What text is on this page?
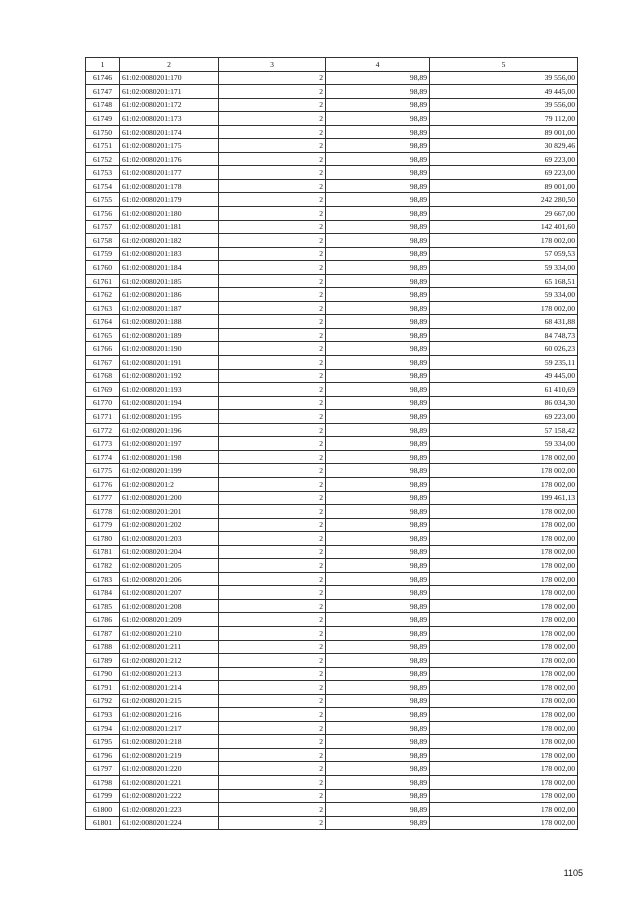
1	2	3	4	5
61746	61:02:0080201:170	2	98,89	39 556,00
61747	61:02:0080201:171	2	98,89	49 445,00
61748	61:02:0080201:172	2	98,89	39 556,00
61749	61:02:0080201:173	2	98,89	79 112,00
61750	61:02:0080201:174	2	98,89	89 001,00
61751	61:02:0080201:175	2	98,89	30 829,46
61752	61:02:0080201:176	2	98,89	69 223,00
61753	61:02:0080201:177	2	98,89	69 223,00
61754	61:02:0080201:178	2	98,89	89 001,00
61755	61:02:0080201:179	2	98,89	242 280,50
61756	61:02:0080201:180	2	98,89	29 667,00
61757	61:02:0080201:181	2	98,89	142 401,60
61758	61:02:0080201:182	2	98,89	178 002,00
61759	61:02:0080201:183	2	98,89	57 059,53
61760	61:02:0080201:184	2	98,89	59 334,00
61761	61:02:0080201:185	2	98,89	65 168,51
61762	61:02:0080201:186	2	98,89	59 334,00
61763	61:02:0080201:187	2	98,89	178 002,00
61764	61:02:0080201:188	2	98,89	68 431,88
61765	61:02:0080201:189	2	98,89	84 748,73
61766	61:02:0080201:190	2	98,89	60 026,23
61767	61:02:0080201:191	2	98,89	59 235,11
61768	61:02:0080201:192	2	98,89	49 445,00
61769	61:02:0080201:193	2	98,89	61 410,69
61770	61:02:0080201:194	2	98,89	86 034,30
61771	61:02:0080201:195	2	98,89	69 223,00
61772	61:02:0080201:196	2	98,89	57 158,42
61773	61:02:0080201:197	2	98,89	59 334,00
61774	61:02:0080201:198	2	98,89	178 002,00
61775	61:02:0080201:199	2	98,89	178 002,00
61776	61:02:0080201:2	2	98,89	178 002,00
61777	61:02:0080201:200	2	98,89	199 461,13
61778	61:02:0080201:201	2	98,89	178 002,00
61779	61:02:0080201:202	2	98,89	178 002,00
61780	61:02:0080201:203	2	98,89	178 002,00
61781	61:02:0080201:204	2	98,89	178 002,00
61782	61:02:0080201:205	2	98,89	178 002,00
61783	61:02:0080201:206	2	98,89	178 002,00
61784	61:02:0080201:207	2	98,89	178 002,00
61785	61:02:0080201:208	2	98,89	178 002,00
61786	61:02:0080201:209	2	98,89	178 002,00
61787	61:02:0080201:210	2	98,89	178 002,00
61788	61:02:0080201:211	2	98,89	178 002,00
61789	61:02:0080201:212	2	98,89	178 002,00
61790	61:02:0080201:213	2	98,89	178 002,00
61791	61:02:0080201:214	2	98,89	178 002,00
61792	61:02:0080201:215	2	98,89	178 002,00
61793	61:02:0080201:216	2	98,89	178 002,00
61794	61:02:0080201:217	2	98,89	178 002,00
61795	61:02:0080201:218	2	98,89	178 002,00
61796	61:02:0080201:219	2	98,89	178 002,00
61797	61:02:0080201:220	2	98,89	178 002,00
61798	61:02:0080201:221	2	98,89	178 002,00
61799	61:02:0080201:222	2	98,89	178 002,00
61800	61:02:0080201:223	2	98,89	178 002,00
61801	61:02:0080201:224	2	98,89	178 002,00
1105
